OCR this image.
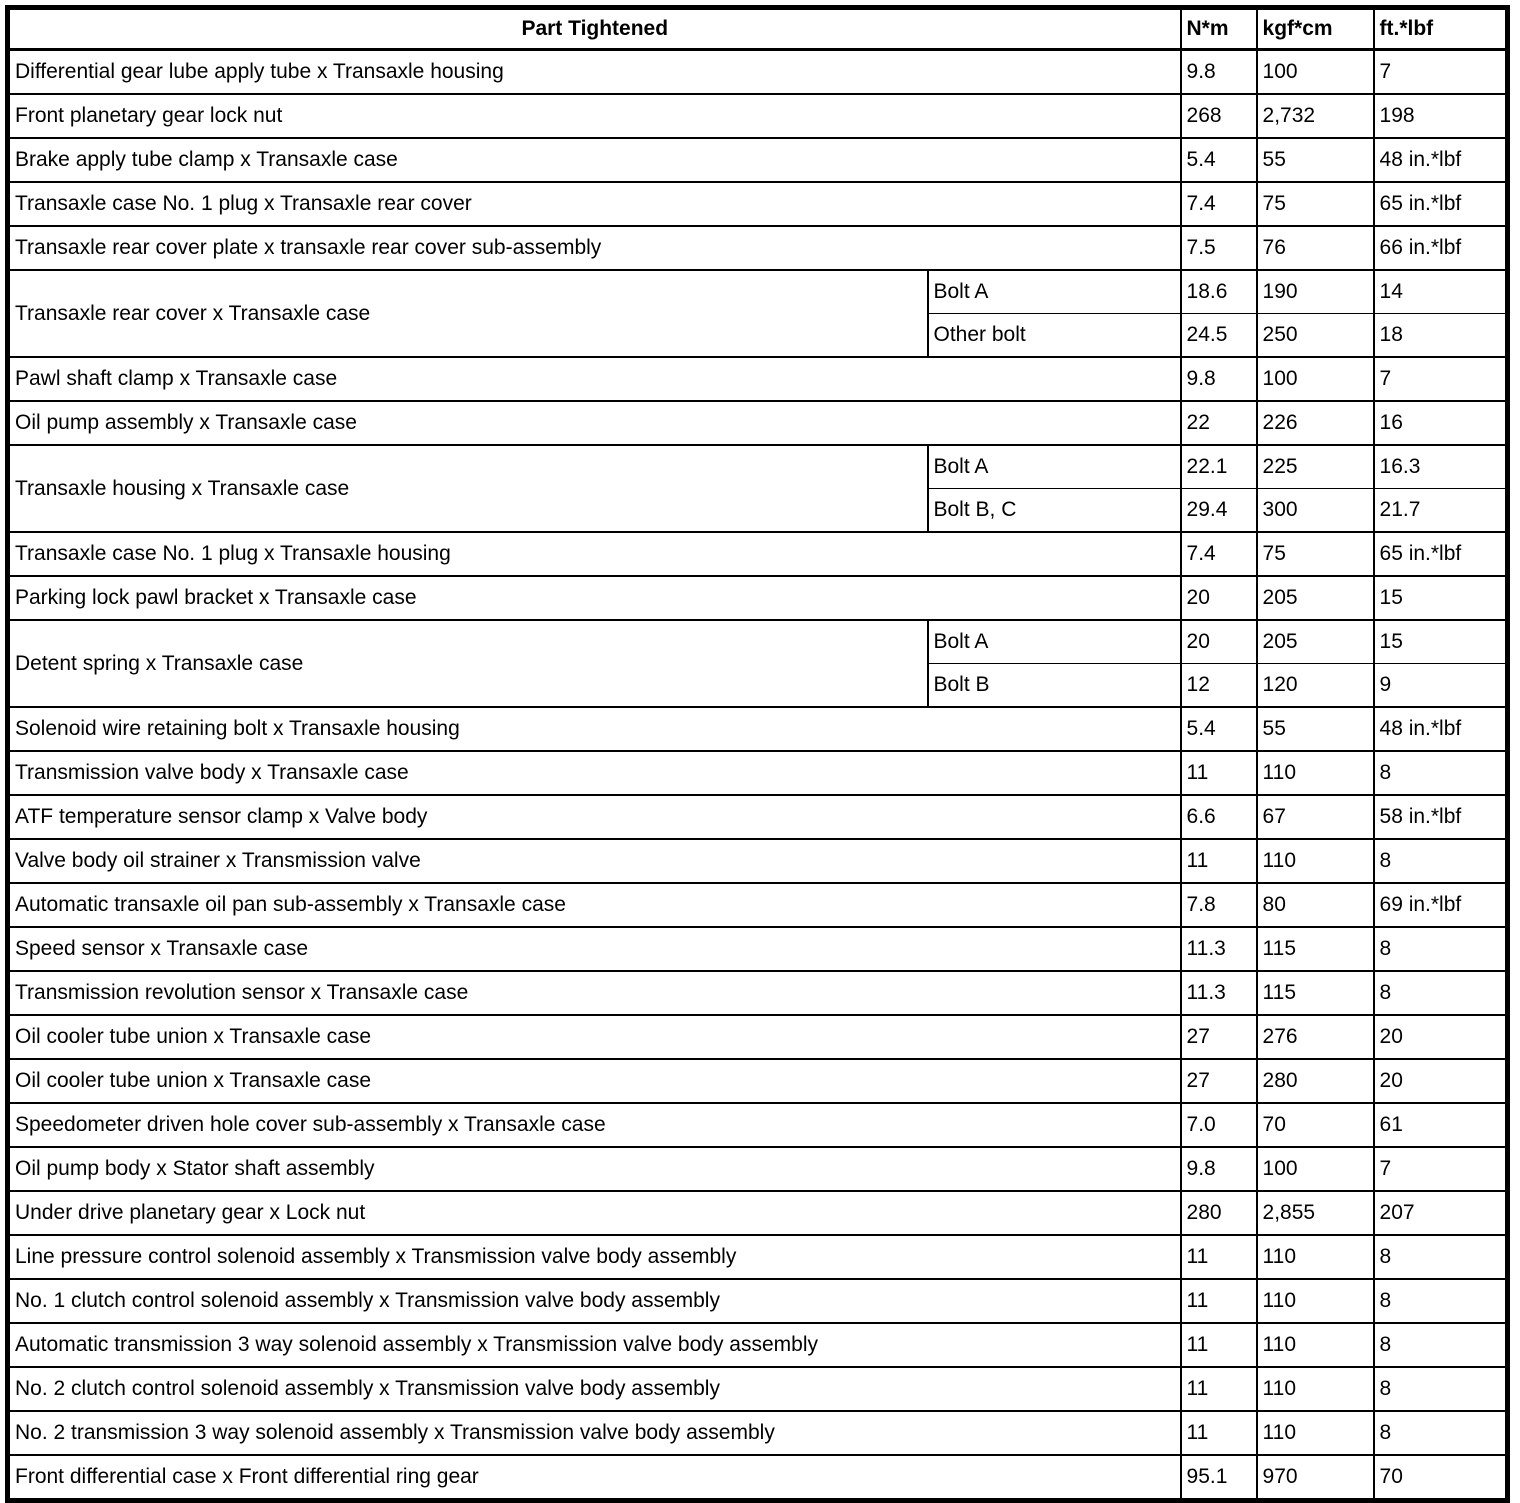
Part Tightened		N*m	kgf*cm	ft.*lbf
Differential gear lube apply tube x Transaxle housing		9.8	100	7
Front planetary gear lock nut		268	2,732	198
Brake apply tube clamp x Transaxle case		5.4	55	48 in.*lbf
Transaxle case No. 1 plug x Transaxle rear cover		7.4	75	65 in.*lbf
Transaxle rear cover plate x transaxle rear cover sub-assembly		7.5	76	66 in.*lbf
Transaxle rear cover x Transaxle case	Bolt A	18.6	190	14
	Other bolt	24.5	250	18
Pawl shaft clamp x Transaxle case		9.8	100	7
Oil pump assembly x Transaxle case		22	226	16
Transaxle housing x Transaxle case	Bolt A	22.1	225	16.3
	Bolt B, C	29.4	300	21.7
Transaxle case No. 1 plug x Transaxle housing		7.4	75	65 in.*lbf
Parking lock pawl bracket x Transaxle case		20	205	15
Detent spring x Transaxle case	Bolt A	20	205	15
	Bolt B	12	120	9
Solenoid wire retaining bolt x Transaxle housing		5.4	55	48 in.*lbf
Transmission valve body x Transaxle case		11	110	8
ATF temperature sensor clamp x Valve body		6.6	67	58 in.*lbf
Valve body oil strainer x Transmission valve		11	110	8
Automatic transaxle oil pan sub-assembly x Transaxle case		7.8	80	69 in.*lbf
Speed sensor x Transaxle case		11.3	115	8
Transmission revolution sensor x Transaxle case		11.3	115	8
Oil cooler tube union x Transaxle case		27	276	20
Oil cooler tube union x Transaxle case		27	280	20
Speedometer driven hole cover sub-assembly x Transaxle case		7.0	70	61
Oil pump body x Stator shaft assembly		9.8	100	7
Under drive planetary gear x Lock nut		280	2,855	207
Line pressure control solenoid assembly x Transmission valve body assembly		11	110	8
No. 1 clutch control solenoid assembly x Transmission valve body assembly		11	110	8
Automatic transmission 3 way solenoid assembly x Transmission valve body assembly		11	110	8
No. 2 clutch control solenoid assembly x Transmission valve body assembly		11	110	8
No. 2 transmission 3 way solenoid assembly x Transmission valve body assembly		11	110	8
Front differential case x Front differential ring gear		95.1	970	70
